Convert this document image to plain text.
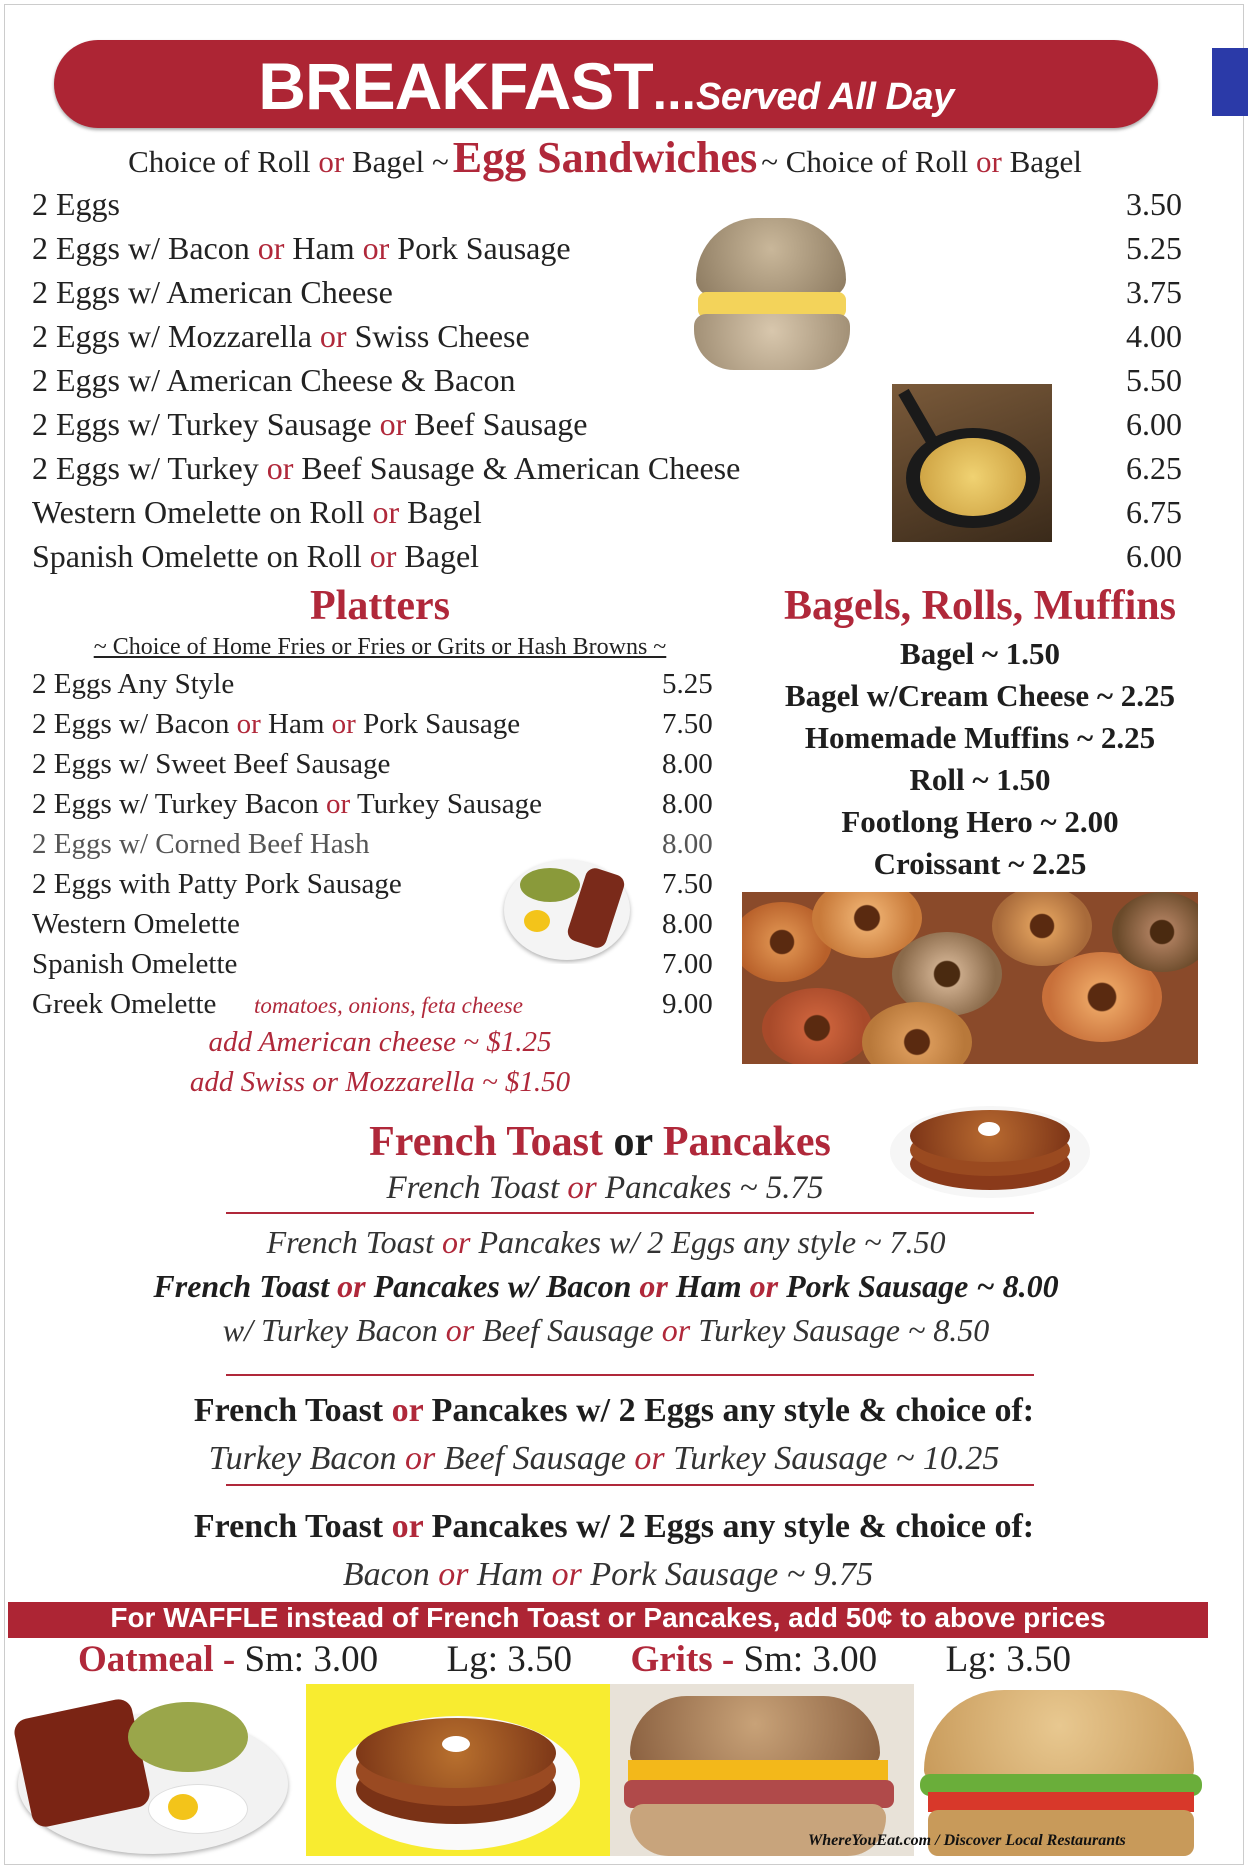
BREAKFAST...Served All Day
Choice of Roll or Bagel ~ Egg Sandwiches ~ Choice of Roll or Bagel
2 Eggs	3.50
2 Eggs w/ Bacon or Ham or Pork Sausage	5.25
2 Eggs w/ American Cheese	3.75
2 Eggs w/ Mozzarella or Swiss Cheese	4.00
2 Eggs w/ American Cheese & Bacon	5.50
2 Eggs w/ Turkey Sausage or Beef Sausage	6.00
2 Eggs w/ Turkey or Beef Sausage & American Cheese	6.25
Western Omelette on Roll or Bagel	6.75
Spanish Omelette on Roll or Bagel	6.00
Platters
~ Choice of Home Fries or Fries or Grits or Hash Browns ~
2 Eggs Any Style	5.25
2 Eggs w/ Bacon or Ham or Pork Sausage	7.50
2 Eggs w/ Sweet Beef Sausage	8.00
2 Eggs w/ Turkey Bacon or Turkey Sausage	8.00
2 Eggs w/ Corned Beef Hash	8.00
2 Eggs with Patty Pork Sausage	7.50
Western Omelette	8.00
Spanish Omelette	7.00
Greek Omelette tomatoes, onions, feta cheese	9.00
add American cheese ~ $1.25
add Swiss or Mozzarella ~ $1.50
Bagels, Rolls, Muffins
Bagel ~ 1.50
Bagel w/Cream Cheese ~ 2.25
Homemade Muffins ~ 2.25
Roll ~ 1.50
Footlong Hero ~ 2.00
Croissant ~ 2.25
French Toast or Pancakes
French Toast or Pancakes ~ 5.75
French Toast or Pancakes w/ 2 Eggs any style ~ 7.50
French Toast or Pancakes w/ Bacon or Ham or Pork Sausage ~ 8.00
w/ Turkey Bacon or Beef Sausage or Turkey Sausage ~ 8.50
French Toast or Pancakes w/ 2 Eggs any style & choice of:
Turkey Bacon or Beef Sausage or Turkey Sausage ~ 10.25
French Toast or Pancakes w/ 2 Eggs any style & choice of:
Bacon or Ham or Pork Sausage ~ 9.75
For WAFFLE instead of French Toast or Pancakes, add 50¢ to above prices
Oatmeal - Sm: 3.00 Lg: 3.50 Grits - Sm: 3.00 Lg: 3.50
WhereYouEat.com / Discover Local Restaurants
